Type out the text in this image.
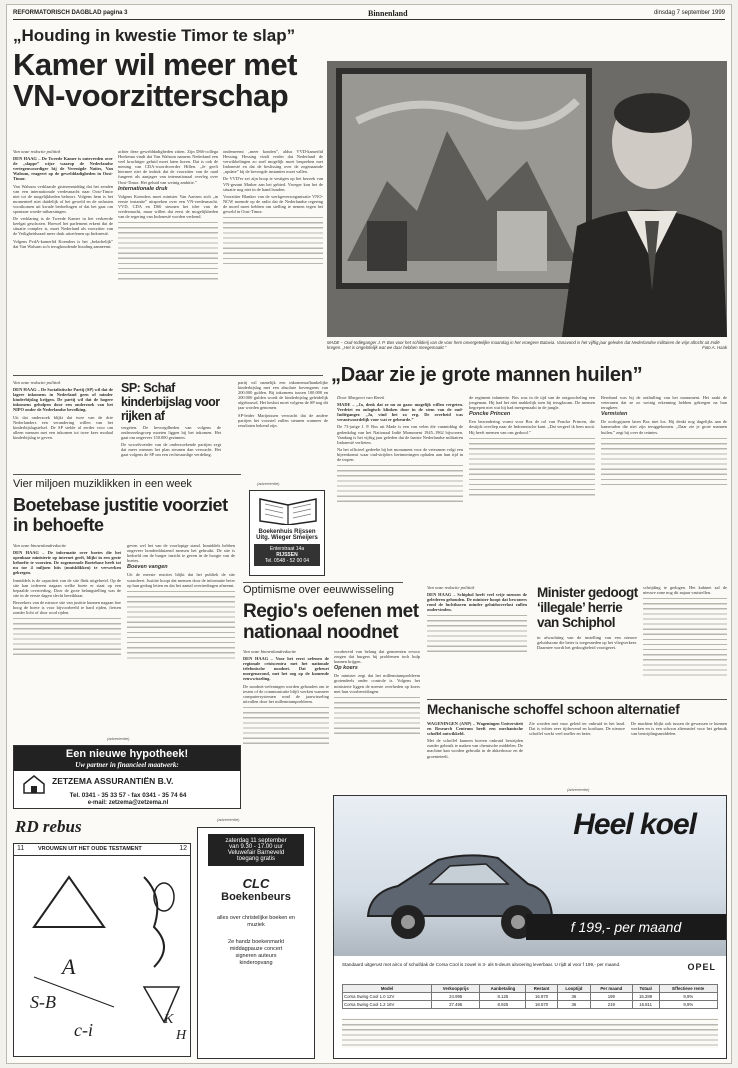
REFORMATORISCH DAGBLAD pagina 3	Binnenland	dinsdag 7 september 1999
„Houding in kwestie Timor te slap”
Kamer wil meer met VN-voorzitterschap
Van onze redactie politiek

DEN HAAG – De Tweede Kamer is ontevreden over de „slappe” wijze waarop de Nederlandse vertegenwoordiger bij de Verenigde Naties, Van Walsum, reageert op de gewelddadigheden in Oost-Timor.

Van Walsum verklaarde gisterenmiddag dat het zenden van een internationale vredesmacht naar Oost-Timor niet tot de mogelijkheden behoort. Volgens hem is het momenteel niet duidelijk of het geweld en de onlusten voortkomen uit kwade bedoelingen of dat het gaat om spontane woede-uitbarstingen.

De verklaring is de Tweede Kamer in het verkeerde keelgat geschoten. Hoewel het parlement erkent dat de situatie complex is, moet Nederland als voorzitter van de Veiligheidsraad meer druk uitoefenen op Indonesië.

Volgens PvdA-kamerlid Koenders is het „belachelijk” dat Van Walsum zo'n terughoudende houding aanneemt.

achter deze gewelddadigheden zitten. Zijn D66-collega Hoekema vindt dat Van Walsum namens Nederland een veel krachtiger geluid moet laten horen. Dat is ook de mening van CDA-woordvoerder Hillen. „Je geeft hiermee niet de indruk dat de voorzitter van de raad fungeert als aanjager van internationaal overleg over Oost-Timor. Het geluid van weinig ambitie.”

Internationale druk

Volgens Koenders moet minister Van Aartsen zich „in eerste instantie” uitspreken over een VN-vredesmacht. VVD, CDA en D66 steunen het idee van de vredesmacht, maar willen dat eerst de mogelijkheden van de regering van Indonesië worden verkend.

onderneemt „meer konden”, aldus VVD-kamerlid Hessing. Hessing vindt verder dat Nederland de verwikkelingen zo snel mogelijk moet bespreken met Indonesië en dat de beslissing over de zogenaamde „update” bij de bevoegde instanties moet vallen.

De VVD'er zei zijn hoop te vestigen op het bezoek van VN-gezant Marker aan het gebied. Vroeger kon het de situatie nog niet in de hand houden.

Voorzitter Blanker van de werkgeversorganisatie VNO-NCW noemde op de radio dat de Nederlandse regering de moed moet hebben om stelling te nemen tegen het geweld in Oost-Timor.

MADE – Oud-Indiëganger J. P. Bos voor het schilderij van de voor hem onvergetelijke maandag in het vroegere Batavia. Vanavond is het vijftig jaar geleden dat Nederlandse militairen de vrije aftocht uit Indië kregen. „Het is ongelofelijk wat we daar hebben meegemaakt.”	Foto A. Haak
Van onze redactie politiek

DEN HAAG – De Socialistische Partij (SP) wil dat de lagere inkomens in Nederland geen of minder kinderbijslag krijgen. De partij wil dat de hogere inkomens geholpen door een onderzoek van het NIPO onder de Nederlandse bevolking.

Uit dat onderzoek blijkt dat twee van de drie Nederlanders een verandering willen van het kinderbijslagstelsel. De SP stelde al eerder voor om alleen mensen met een inkomen tot twee keer modaal kinderbijslag te geven.

SP: Schaf kinderbijslag voor rijken af

vergeten. De bevoegdheden van volgens de onderzoeksgroep moeten liggen bij het inkomen. Het gaat om ongeveer 150.000 gezinnen.

De woordvoerder van de onderzoekende partijen zegt dat meer mensen het plan steunen dan verwacht. Het gaat volgens de SP om een rechtvaardige verdeling.

partij wil namelijk een inkomensafhankelijke kinderbijslag met een absolute bovengrens van 200.000 gulden. Bij inkomens tussen 100.000 en 200.000 gulden wordt de kinderbijslag geleidelijk afgebouwd. Het besluit moet volgens de SP nog dit jaar worden genomen.

SP-leider Marijnissen verwacht dat de andere partijen het voorstel zullen steunen wanneer de resultaten bekend zijn.

„Daar zie je grote mannen huilen”
Door Margreet van Breek

MADE – „Ja, denk dat ze nu zo gaaw mogelijk willen vergeten. Verdriet en onlogisch klinken door in de stem van de oud-Indiëganger. „Ja, vind het zo erg. De overheid was verantwoordelijk voor wat er gebeurde.”

De 73-jarige J. P. Bos uit Made is een van velen die vanmiddag de gedenkdag van het Nationaal Indië Monument 1945–1962 bijwonen. Vandaag is het vijftig jaar geleden dat de laatste Nederlandse militairen Indonesië verlieten.

Na het officieel gedeelte bij het monument voor de veteranen volgt een bijeenkomst waar oud-strijders herinneringen ophalen aan hun tijd in de tropen.

de regiment infanterie. Bos was in de tijd van de ontgoocheling een jongeman. Hij had het niet makkelijk toen hij terugkwam. De mensen begrepen niet wat hij had meegemaakt in de jungle.

Poncke Princen

Een bezondering vormt voor Bos de rol van Poncke Princen, die destijds overliep naar de Indonesische kant. „Dat vergeef ik hem nooit. Hij heeft mensen van ons gedood.”

Bernhard was bij de onthulling van het monument. Het raakt de veteranen dat ze zo weinig erkenning hebben gekregen na hun terugkeer.

Vermisten

De oorlogsjaren laten Bos niet los. Hij denkt nog dagelijks aan de kameraden die niet zijn teruggekomen. „Daar zie je grote mannen huilen,” zegt hij over de reünies.

Vier miljoen muziklikken in een week
Boetebase justitie voorziet in behoefte
Van onze binnenlandredactie

DEN HAAG – De informatie over boetes die het openbaar ministerie op internet geeft, blijkt in een grote behoefte te voorzien. De zogenoemde Boetebase heeft tot nu toe 4 miljoen hits (muisklikken) te verwerken gekregen.

Inmiddels is de capaciteit van de site flink uitgebreid. Op de site kan iedereen nagaan welke boete er staat op een bepaalde overtreding. Door de grote belangstelling was de site in de eerste dagen slecht bereikbaar.

Bezoekers van de nieuwe site van justitie kunnen nagaan hoe hoog de boete is voor bijvoorbeeld te hard rijden, fietsen zonder licht of door rood rijden.

geven wel het van de voorlopige stand. Inmiddels hebben ongeveer honderdduizend mensen het gebruikt. De site is bedoeld om de burger inzicht te geven in de hoogte van de boetes.

Boeven vangen

Uit de meeste reacties blijkt dat het publiek de site waardeert. Justitie hoopt dat mensen door de informatie beter op hun gedrag letten en dat het aantal overtredingen afneemt.

(advertentie)
Boekenhuis Rijssen
Uitg. Wieger Smeijers
Enterstraat 14a
RIJSSEN
Tel. 0548 - 52 00 04
Optimisme over eeuwwisseling
Regio's oefenen met nationaal noodnet
Van onze binnenlandredactie

DEN HAAG – Voor het eerst oefenen de regionale crisiscentra met het nationale telefonische noodnet. Dat gebeurt morgenavond, met het oog op de komende eeuwwisseling.

De noodnet-oefeningen worden gehouden om te testen of de communicatie blijft werken wanneer computersystemen rond de jaarwisseling uitvallen door het millenniumprobleem.

voorbereid van belang dat gemeenten ervoor zorgen dat burgers bij problemen toch hulp kunnen krijgen.

Op koers

De minister zegt dat het millenniumprobleem grotendeels onder controle is. Volgens het ministerie liggen de meeste overheden op koers met hun voorbereidingen.

Van onze redactie politiek

DEN HAAG – Schiphol heeft veel vrije mensen de gelederen gehouden. De minister hoopt dat bewoners rond de luchthaven minder geluidsoverlast zullen ondervinden.

Minister gedoogt ‘illegale’ herrie van Schiphol

in afwachting van de instelling van een nieuwe geluidszone die beter is toegesneden op het vliegverkeer. Daarmee wordt het gedoogbeleid voortgezet.

schrijding te gedogen. Het kabinet zal de nieuwe zone nog dit najaar vaststellen.

Mechanische schoffel schoon alternatief

WAGENINGEN (ANP) – Wageningen Universiteit en Research Centrum heeft een mechanische schoffel ontwikkeld.

Met de schoffel kunnen boeren onkruid bestrijden zonder gebruik te maken van chemische middelen. De machine kan worden gebruikt in de akkerbouw en de groenteteelt.

Zie worden met vuur geleid ter onkruid in het land. Dat is echter zeer tijdrovend en kostbaar. De nieuwe schoffel werkt veel sneller en beter.

De machine blijkt ook tussen de gewassen te kunnen werken en is een schoon alternatief voor het gebruik van bestrijdingsmiddelen.

(advertentie)
Een nieuwe hypotheek!
Uw partner in financieel maatwerk:
ZETZEMA ASSURANTIËN B.V.
Tel. 0341 - 35 33 57 - fax 0341 - 35 74 64
e-mail: zetzema@zetzema.nl
RD rebus
11 VROUWEN UIT HET OUDE TESTAMENT	12
A
S-B
c-i
K
H
(advertentie)
zaterdag 11 september
van 9.30 - 17.00 uur
Veluwefair Barneveld
toegang gratis
CLC
Boekenbeurs
alles over christelijke boeken en muziek
2e handz boekenmarkt
middagpauze concert
signeren auteurs
kinderopvang
(advertentie)
Heel koel
f 199,- per maand
Standaard uitgerust met airco of schuifdak de Corsa Cool is zowel in 3- als 5-deurs uitvoering leverbaar. U rijdt al voor f 199,- per maand.	OPEL
Model	Verkoopprijs	Aanbetaling	Restant	Looptijd	Per maand	Totaal	Effectieve rente
Corsa Swing Cool 1.0 12V	24.995	8.125	16.870	36	199	15.289	9,9%
Corsa Swing Cool 1.2 16V	27.495	8.925	18.570	36	219	16.811	9,9%
